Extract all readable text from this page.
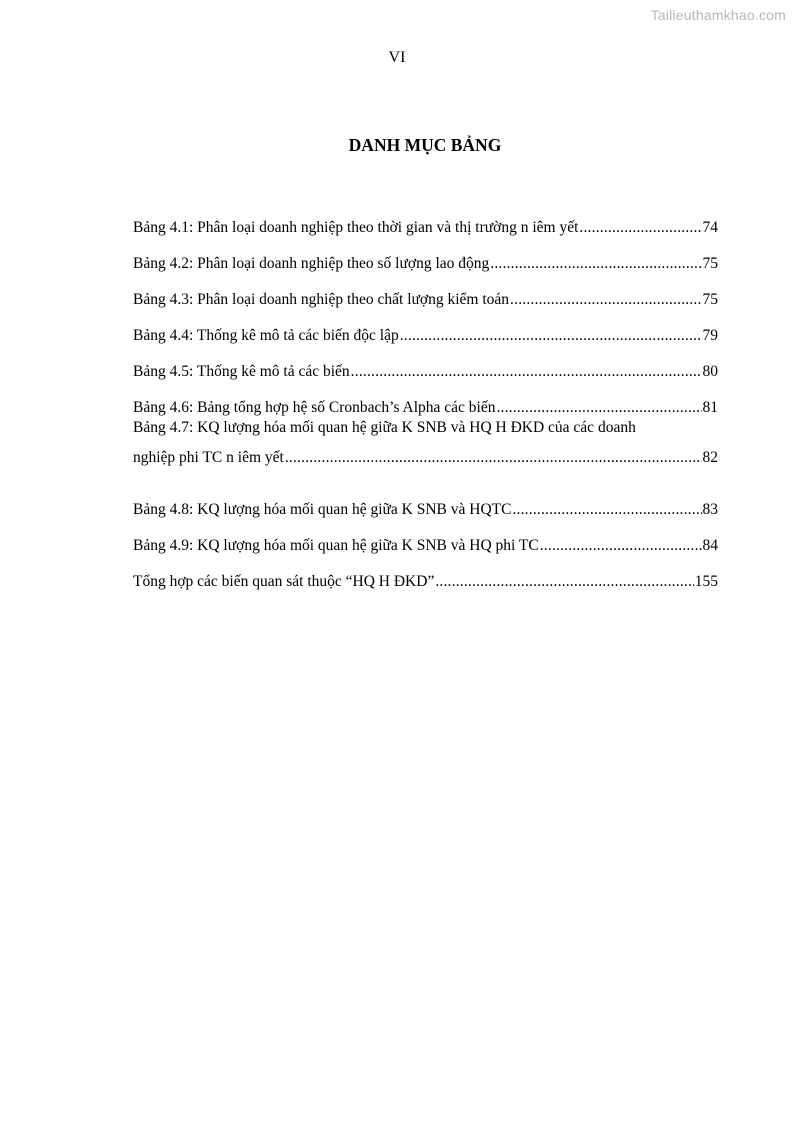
Tailieuthamkhao.com
VI
DANH MỤC BẢNG
Bảng 4.1: Phân loại doanh nghiệp theo thời gian và thị trường n iêm yết .....	74
Bảng 4.2: Phân loại doanh nghiệp theo số lượng lao động .....	75
Bảng 4.3: Phân loại doanh nghiệp theo chất lượng kiểm toán .....	75
Bảng 4.4: Thống kê mô tả các biến độc lập .....	79
Bảng 4.5: Thống kê mô tả các biến .....	80
Bảng 4.6: Bảng tổng hợp hệ số Cronbach’s Alpha các biến .....	81
Bảng 4.7: KQ lượng hóa mối quan hệ giữa K SNB và HQ H ĐKD của các doanh
nghiệp phi TC n iêm yết .....	82
Bảng 4.8: KQ lượng hóa mối quan hệ giữa K SNB và HQTC .....	83
Bảng 4.9: KQ lượng hóa mối quan hệ giữa K SNB và HQ phi TC .....	84
Tổng hợp các biến quan sát thuộc “HQ H ĐKD” .....	155
